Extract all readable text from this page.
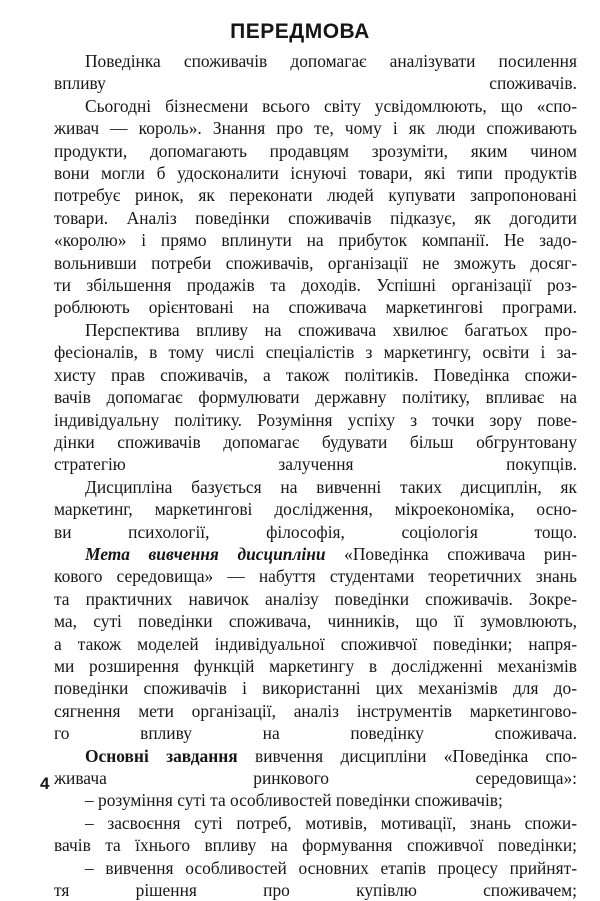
ПЕРЕДМОВА

Поведінка споживачів допомагає аналізувати посилення
впливу споживачів.

Сьогодні бізнесмени всього світу усвідомлюють, що «спо-
живач — король». Знання про те, чому і як люди споживають
продукти, допомагають продавцям зрозуміти, яким чином
вони могли б удосконалити існуючі товари, які типи продуктів
потребує ринок, як переконати людей купувати запропоновані
товари. Аналіз поведінки споживачів підказує, як догодити
«королю» і прямо вплинути на прибуток компанії. Не задо-
вольнивши потреби споживачів, організації не зможуть досяг-
ти збільшення продажів та доходів. Успішні організації роз-
роблюють орієнтовані на споживача маркетингові програми.

Перспектива впливу на споживача хвилює багатьох про-
фесіоналів, в тому числі спеціалістів з маркетингу, освіти і за-
хисту прав споживачів, а також політиків. Поведінка спожи-
вачів допомагає формулювати державну політику, впливає на
індивідуальну політику. Розуміння успіху з точки зору пове-
дінки споживачів допомагає будувати більш обгрунтовану
стратегію залучення покупців.

Дисципліна базується на вивченні таких дисциплін, як
маркетинг, маркетингові дослідження, мікроекономіка, осно-
ви психології, філософія, соціологія тощо.

Мета вивчення дисципліни «Поведінка споживача рин-
кового середовища» — набуття студентами теоретичних знань
та практичних навичок аналізу поведінки споживачів. Зокре-
ма, суті поведінки споживача, чинників, що її зумовлюють,
а також моделей індивідуальної споживчої поведінки; напря-
ми розширення функцій маркетингу в дослідженні механізмів
поведінки споживачів і використанні цих механізмів для до-
сягнення мети організації, аналіз інструментів маркетингово-
го впливу на поведінку споживача.

Основні завдання вивчення дисципліни «Поведінка спо-
живача ринкового середовища»:

– розуміння суті та особливостей поведінки споживачів;

– засвоєння суті потреб, мотивів, мотивації, знань спожи-
вачів та їхнього впливу на формування споживчої поведінки;

– вивчення особливостей основних етапів процесу прийнят-
тя рішення про купівлю споживачем;

4
